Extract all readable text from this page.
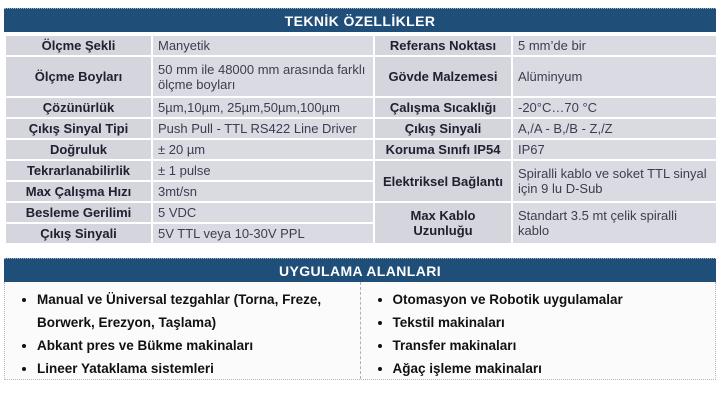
TEKNİK ÖZELLİKLER
Ölçme Şekli	Manyetik	Referans Noktası	5 mm’de bir
Ölçme Boyları	50 mm ile 48000 mm arasında farklı ölçme boyları	Gövde Malzemesi	Alüminyum
Çözünürlük	5µm,10µm, 25µm,50µm,100µm	Çalışma Sıcaklığı	-20°C…70 °C
Çıkış Sinyal Tipi	Push Pull - TTL RS422 Line Driver	Çıkış Sinyali	A,/A - B,/B - Z,/Z
Doğruluk	± 20 µm	Koruma Sınıfı IP54	IP67
Tekrarlanabilirlik	± 1 pulse	Elektriksel Bağlantı	Spiralli kablo ve soket TTL sinyal için 9 lu D-Sub
Max Çalışma Hızı	3mt/sn		
Besleme Gerilimi	5 VDC	Max Kablo Uzunluğu	Standart 3.5 mt çelik spiralli kablo
Çıkış Sinyali	5V TTL veya 10-30V PPL		
UYGULAMA ALANLARI
• Manual ve Üniversal tezgahlar (Torna, Freze, Borwerk, Erezyon, Taşlama)
• Abkant pres ve Bükme makinaları
• Lineer Yataklama sistemleri
• Otomasyon ve Robotik uygulamalar
• Tekstil makinaları
• Transfer makinaları
• Ağaç işleme makinaları
